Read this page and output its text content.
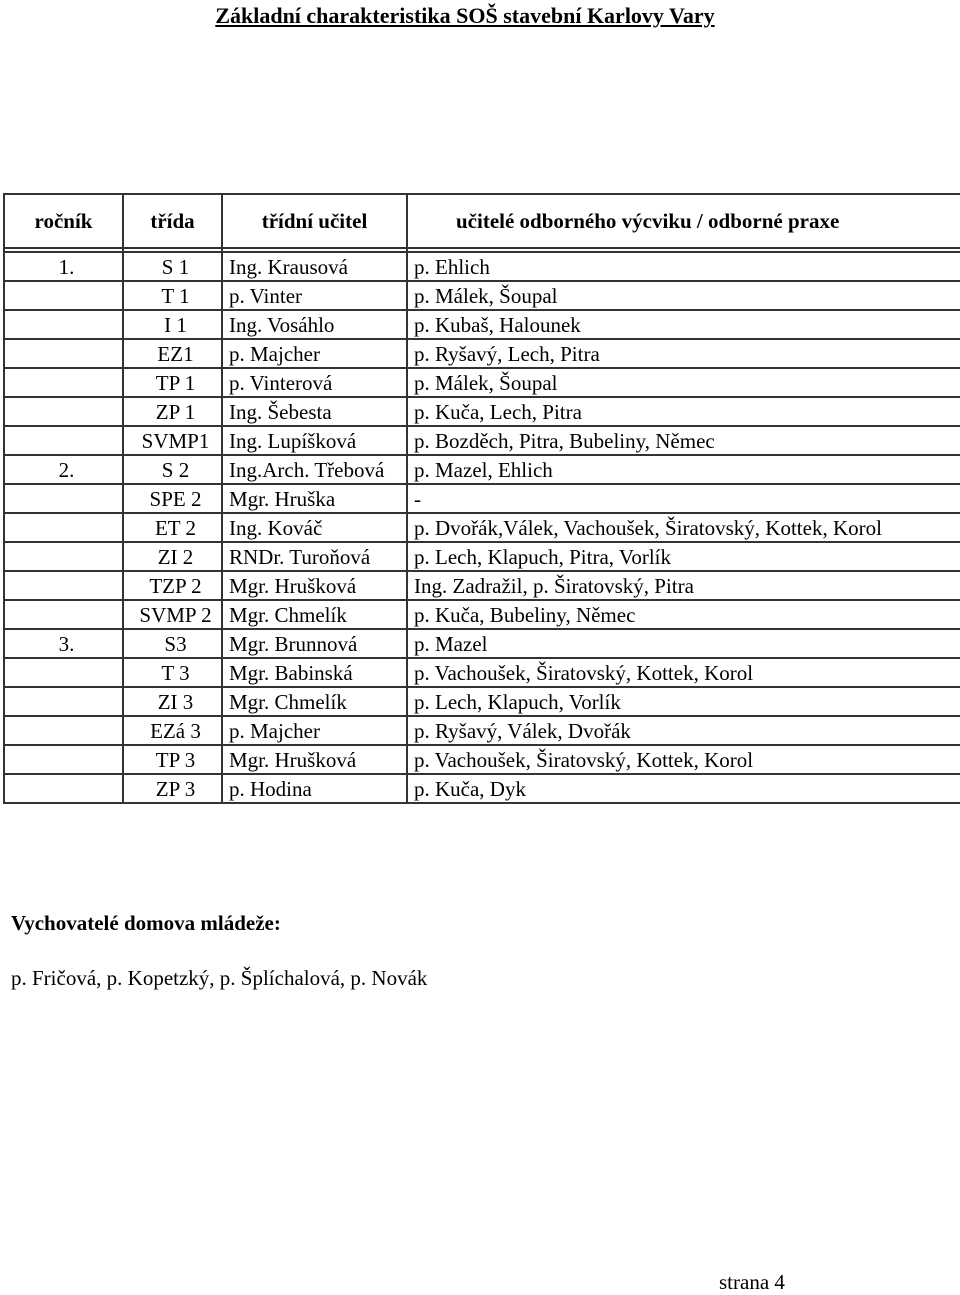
Základní charakteristika SOŠ stavební Karlovy Vary
ročník	třída	třídní učitel	učitelé odborného výcviku / odborné praxe

1.	S 1	Ing. Krausová	p. Ehlich
	T 1	p. Vinter	p. Málek, Šoupal
	I 1	Ing. Vosáhlo	p. Kubaš, Halounek
	EZ1	p. Majcher	p. Ryšavý, Lech, Pitra
	TP 1	p. Vinterová	p. Málek, Šoupal
	ZP 1	Ing. Šebesta	p. Kuča, Lech, Pitra
	SVMP1	Ing. Lupíšková	p. Bozděch, Pitra, Bubeliny, Němec
2.	S 2	Ing.Arch. Třebová	p. Mazel, Ehlich
	SPE 2	Mgr. Hruška	-
	ET 2	Ing. Kováč	p. Dvořák,Válek, Vachoušek, Širatovský, Kottek, Korol
	ZI 2	RNDr. Turoňová	p. Lech, Klapuch, Pitra, Vorlík
	TZP 2	Mgr. Hrušková	Ing. Zadražil, p. Širatovský, Pitra
	SVMP 2	Mgr. Chmelík	p. Kuča, Bubeliny, Němec
3.	S3	Mgr. Brunnová	p. Mazel
	T 3	Mgr. Babinská	p. Vachoušek, Širatovský, Kottek, Korol
	ZI 3	Mgr. Chmelík	p. Lech, Klapuch, Vorlík
	EZá 3	p. Majcher	p. Ryšavý, Válek, Dvořák
	TP 3	Mgr. Hrušková	p. Vachoušek, Širatovský, Kottek, Korol
	ZP 3	p. Hodina	p. Kuča, Dyk
Vychovatelé domova mládeže:
p. Fričová, p. Kopetzký, p. Šplíchalová, p. Novák
strana 4
